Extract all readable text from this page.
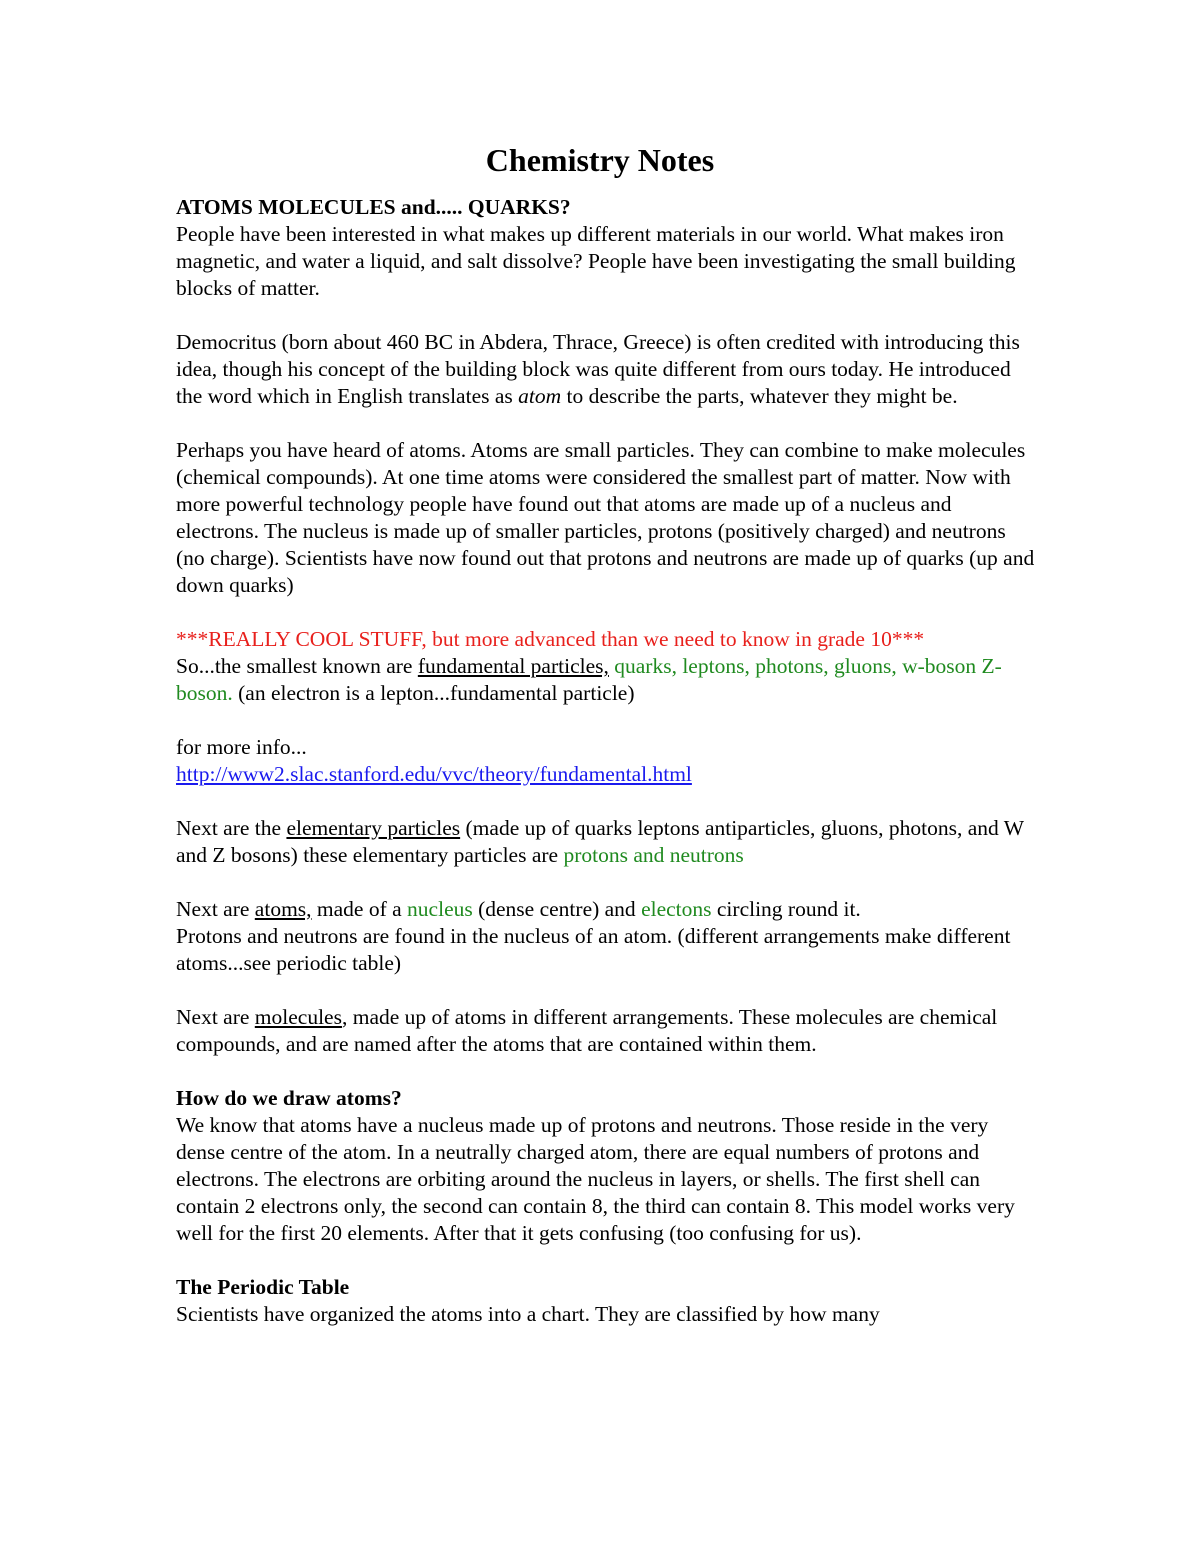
Chemistry Notes

ATOMS MOLECULES and..... QUARKS?
People have been interested in what makes up different materials in our world. What makes iron magnetic, and water a liquid, and salt dissolve? People have been investigating the small building blocks of matter.

Democritus (born about 460 BC in Abdera, Thrace, Greece) is often credited with introducing this idea, though his concept of the building block was quite different from ours today. He introduced the word which in English translates as atom to describe the parts, whatever they might be.

Perhaps you have heard of atoms. Atoms are small particles. They can combine to make molecules (chemical compounds). At one time atoms were considered the smallest part of matter. Now with more powerful technology people have found out that atoms are made up of a nucleus and electrons. The nucleus is made up of smaller particles, protons (positively charged) and neutrons (no charge). Scientists have now found out that protons and neutrons are made up of quarks (up and down quarks)

***REALLY COOL STUFF, but more advanced than we need to know in grade 10***
So...the smallest known are fundamental particles, quarks, leptons, photons, gluons, w-boson Z-boson. (an electron is a lepton...fundamental particle)

for more info...
http://www2.slac.stanford.edu/vvc/theory/fundamental.html

Next are the elementary particles (made up of quarks leptons antiparticles, gluons, photons, and W and Z bosons) these elementary particles are protons and neutrons

Next are atoms, made of a nucleus (dense centre) and electons circling round it.
Protons and neutrons are found in the nucleus of an atom. (different arrangements make different atoms...see periodic table)

Next are molecules, made up of atoms in different arrangements. These molecules are chemical compounds, and are named after the atoms that are contained within them.

How do we draw atoms?
We know that atoms have a nucleus made up of protons and neutrons. Those reside in the very dense centre of the atom. In a neutrally charged atom, there are equal numbers of protons and electrons. The electrons are orbiting around the nucleus in layers, or shells. The first shell can contain 2 electrons only, the second can contain 8, the third can contain 8. This model works very well for the first 20 elements. After that it gets confusing (too confusing for us).

The Periodic Table
Scientists have organized the atoms into a chart. They are classified by how many
